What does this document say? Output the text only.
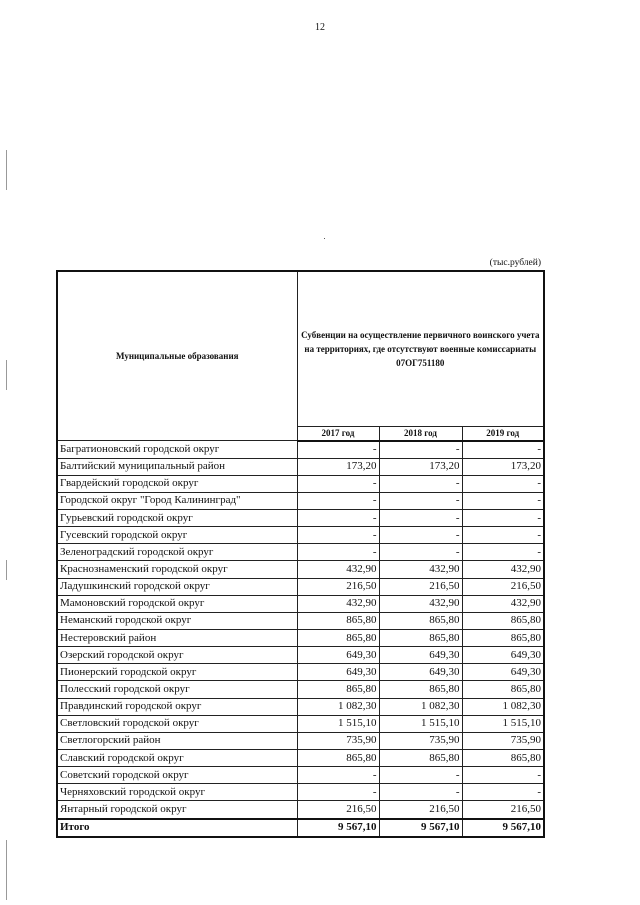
12
(тыс.рублей)
Муниципальные образования	Субвенции на осуществление первичного воинского учета на территориях, где отсутствуют военные комиссариаты 07ОГ751180		
	2017 год	2018 год	2019 год
Багратионовский городской округ	-	-	-
Балтийский муниципальный район	173,20	173,20	173,20
Гвардейский городской округ	-	-	-
Городской округ "Город Калининград"	-	-	-
Гурьевский городской округ	-	-	-
Гусевский городской округ	-	-	-
Зеленоградский городской округ	-	-	-
Краснознаменский городской округ	432,90	432,90	432,90
Ладушкинский городской округ	216,50	216,50	216,50
Мамоновский городской округ	432,90	432,90	432,90
Неманский городской округ	865,80	865,80	865,80
Нестеровский район	865,80	865,80	865,80
Озерский городской округ	649,30	649,30	649,30
Пионерский городской округ	649,30	649,30	649,30
Полесский городской округ	865,80	865,80	865,80
Правдинский городской округ	1 082,30	1 082,30	1 082,30
Светловский городской округ	1 515,10	1 515,10	1 515,10
Светлогорский район	735,90	735,90	735,90
Славский городской округ	865,80	865,80	865,80
Советский городской округ	-	-	-
Черняховский городской округ	-	-	-
Янтарный городской округ	216,50	216,50	216,50
Итого	9 567,10	9 567,10	9 567,10
